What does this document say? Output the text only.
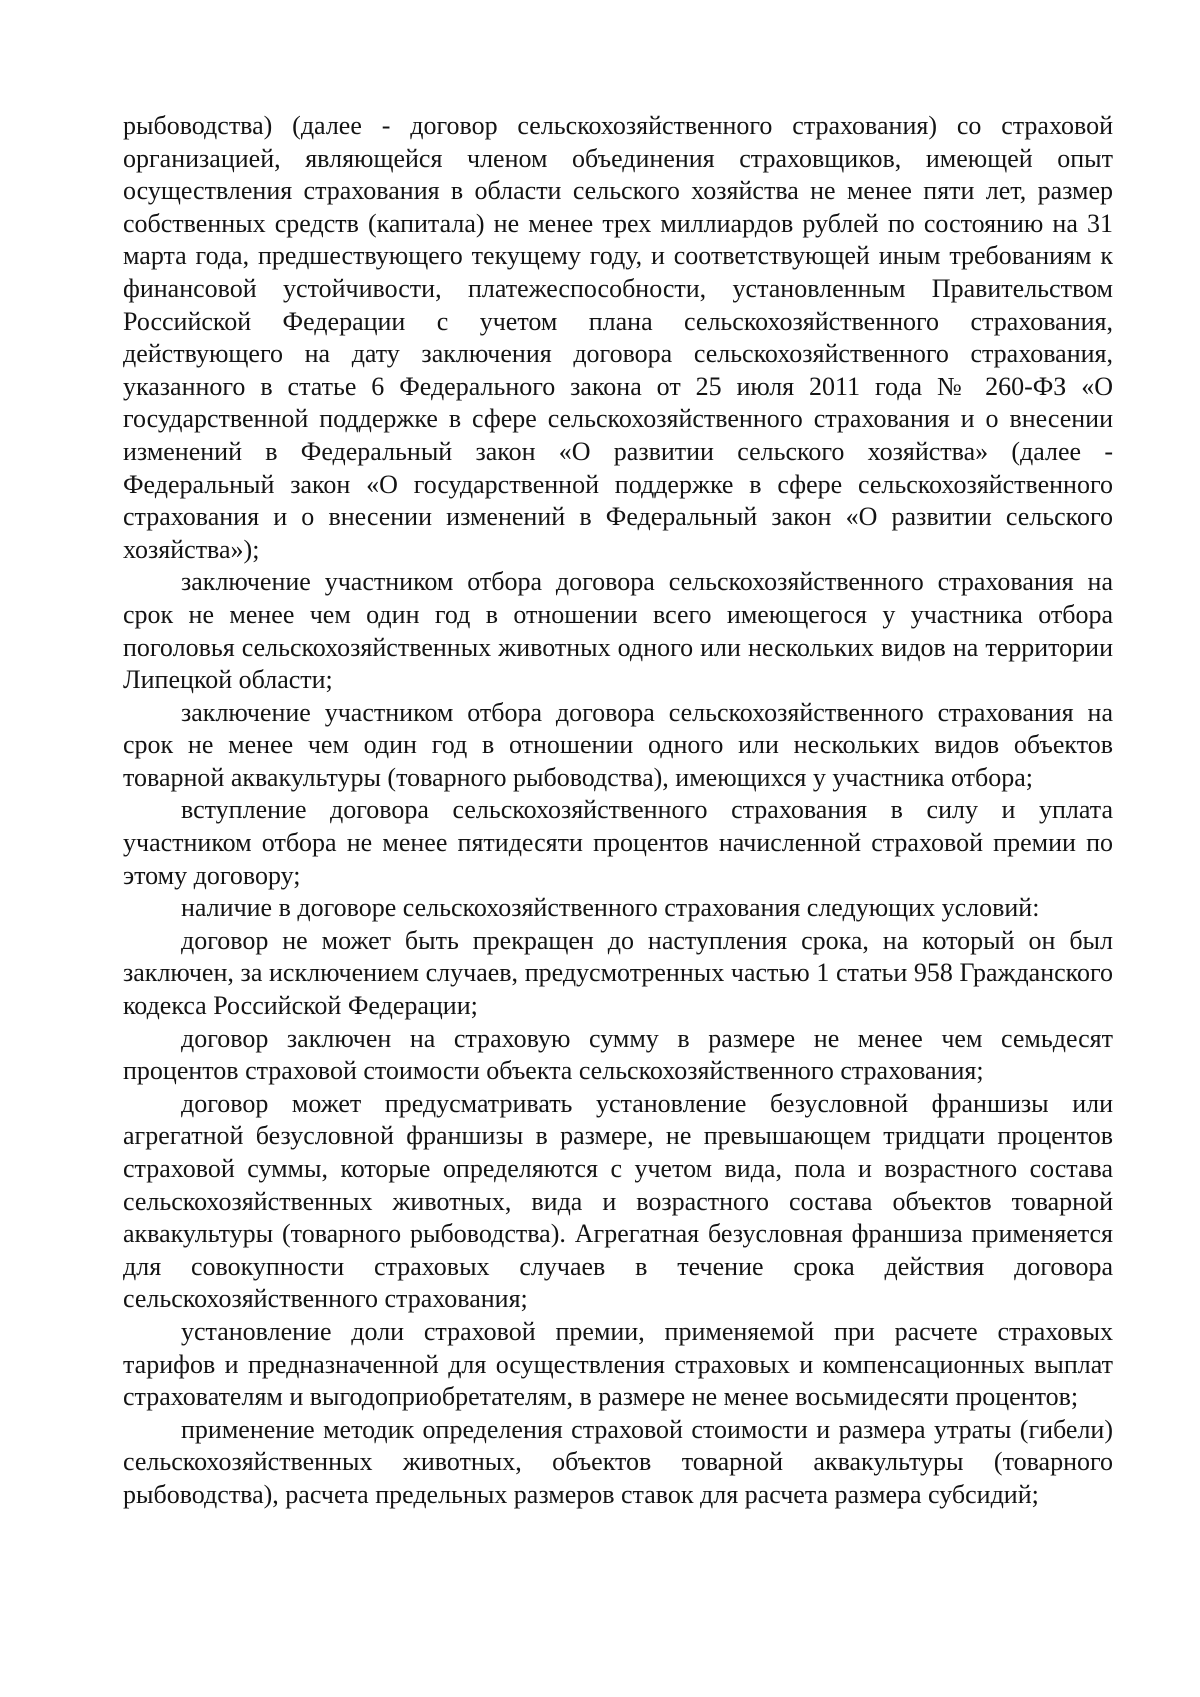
рыбоводства) (далее - договор сельскохозяйственного страхования) со страховой организацией, являющейся членом объединения страховщиков, имеющей опыт осуществления страхования в области сельского хозяйства не менее пяти лет, размер собственных средств (капитала) не менее трех миллиардов рублей по состоянию на 31 марта года, предшествующего текущему году, и соответствующей иным требованиям к финансовой устойчивости, платежеспособности, установленным Правительством Российской Федерации с учетом плана сельскохозяйственного страхования, действующего на дату заключения договора сельскохозяйственного страхования, указанного в статье 6 Федерального закона от 25 июля 2011 года № 260-ФЗ «О государственной поддержке в сфере сельскохозяйственного страхования и о внесении изменений в Федеральный закон «О развитии сельского хозяйства» (далее - Федеральный закон «О государственной поддержке в сфере сельскохозяйственного страхования и о внесении изменений в Федеральный закон «О развитии сельского хозяйства»);

заключение участником отбора договора сельскохозяйственного страхования на срок не менее чем один год в отношении всего имеющегося у участника отбора поголовья сельскохозяйственных животных одного или нескольких видов на территории Липецкой области;

заключение участником отбора договора сельскохозяйственного страхования на срок не менее чем один год в отношении одного или нескольких видов объектов товарной аквакультуры (товарного рыбоводства), имеющихся у участника отбора;

вступление договора сельскохозяйственного страхования в силу и уплата участником отбора не менее пятидесяти процентов начисленной страховой премии по этому договору;

наличие в договоре сельскохозяйственного страхования следующих условий:

договор не может быть прекращен до наступления срока, на который он был заключен, за исключением случаев, предусмотренных частью 1 статьи 958 Гражданского кодекса Российской Федерации;

договор заключен на страховую сумму в размере не менее чем семьдесят процентов страховой стоимости объекта сельскохозяйственного страхования;

договор может предусматривать установление безусловной франшизы или агрегатной безусловной франшизы в размере, не превышающем тридцати процентов страховой суммы, которые определяются с учетом вида, пола и возрастного состава сельскохозяйственных животных, вида и возрастного состава объектов товарной аквакультуры (товарного рыбоводства). Агрегатная безусловная франшиза применяется для совокупности страховых случаев в течение срока действия договора сельскохозяйственного страхования;

установление доли страховой премии, применяемой при расчете страховых тарифов и предназначенной для осуществления страховых и компенсационных выплат страхователям и выгодоприобретателям, в размере не менее восьмидесяти процентов;

применение методик определения страховой стоимости и размера утраты (гибели) сельскохозяйственных животных, объектов товарной аквакультуры (товарного рыбоводства), расчета предельных размеров ставок для расчета размера субсидий;
